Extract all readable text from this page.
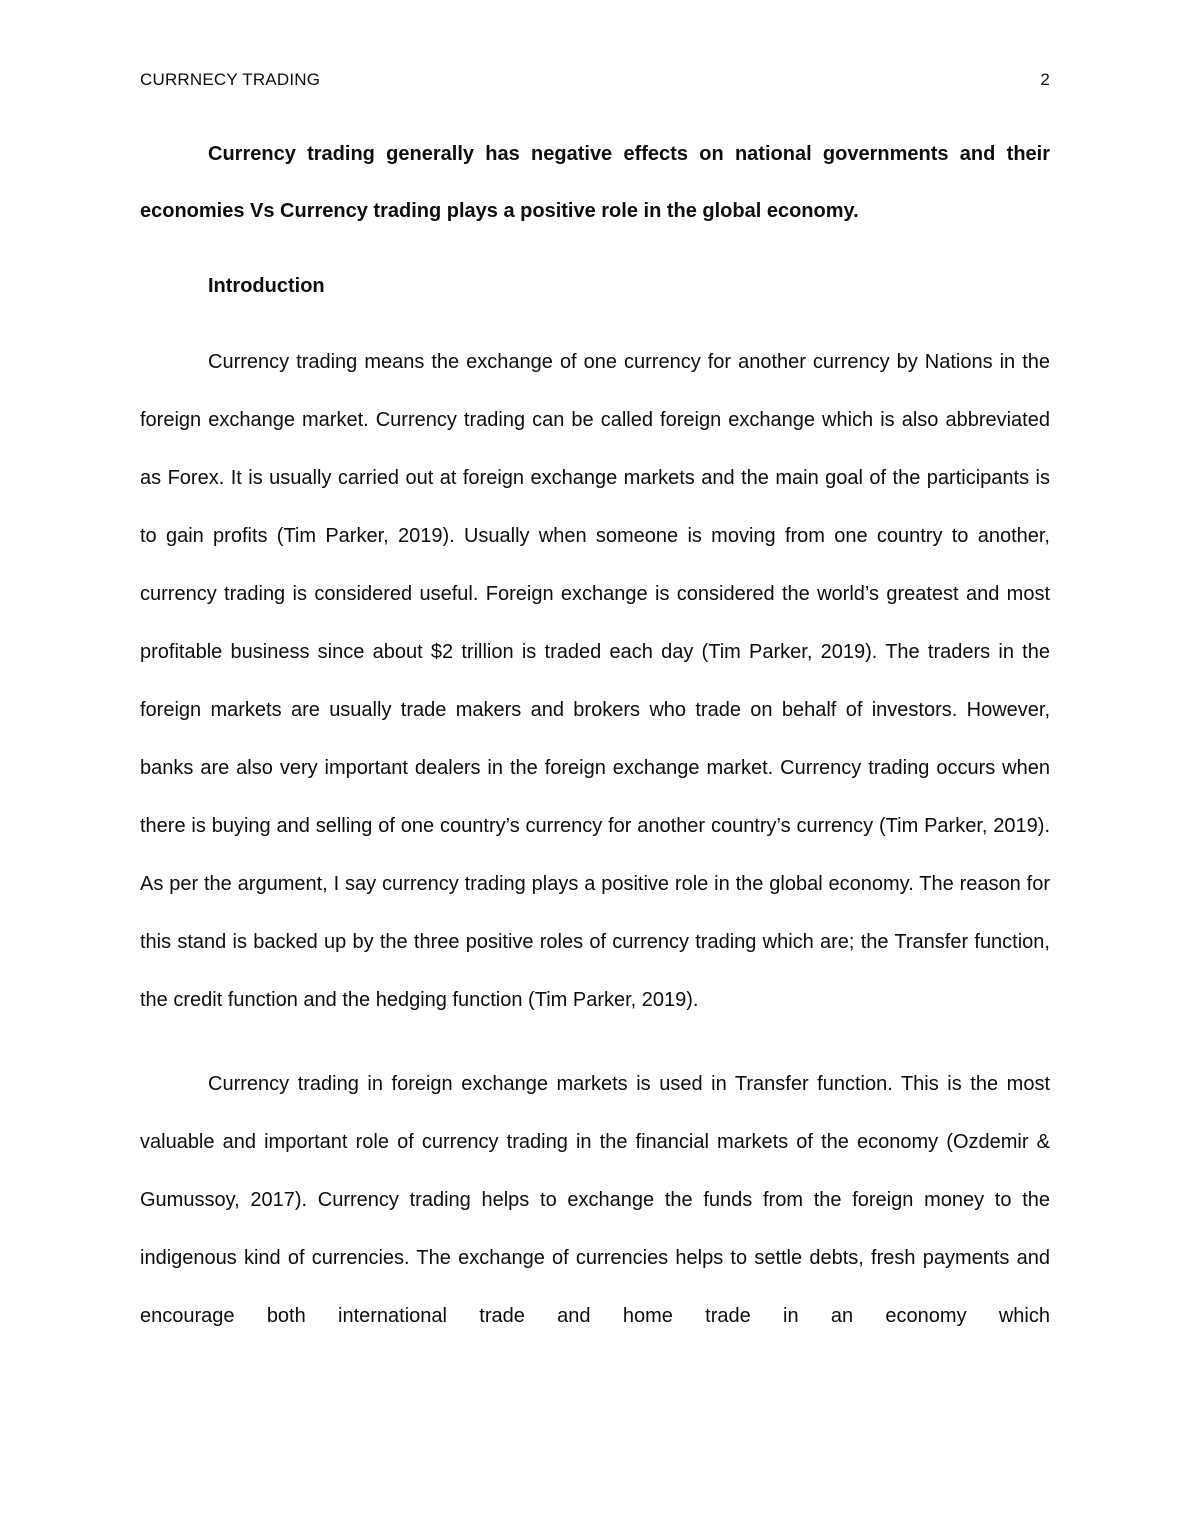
CURRNECY TRADING	2

Currency trading generally has negative effects on national governments and their economies Vs Currency trading plays a positive role in the global economy.

Introduction

Currency trading means the exchange of one currency for another currency by Nations in the foreign exchange market. Currency trading can be called foreign exchange which is also abbreviated as Forex. It is usually carried out at foreign exchange markets and the main goal of the participants is to gain profits (Tim Parker, 2019). Usually when someone is moving from one country to another, currency trading is considered useful. Foreign exchange is considered the world’s greatest and most profitable business since about $2 trillion is traded each day (Tim Parker, 2019). The traders in the foreign markets are usually trade makers and brokers who trade on behalf of investors. However, banks are also very important dealers in the foreign exchange market. Currency trading occurs when there is buying and selling of one country’s currency for another country’s currency (Tim Parker, 2019). As per the argument, I say currency trading plays a positive role in the global economy. The reason for this stand is backed up by the three positive roles of currency trading which are; the Transfer function, the credit function and the hedging function (Tim Parker, 2019).

Currency trading in foreign exchange markets is used in Transfer function. This is the most valuable and important role of currency trading in the financial markets of the economy (Ozdemir & Gumussoy, 2017). Currency trading helps to exchange the funds from the foreign money to the indigenous kind of currencies. The exchange of currencies helps to settle debts, fresh payments and encourage both international trade and home trade in an economy which
